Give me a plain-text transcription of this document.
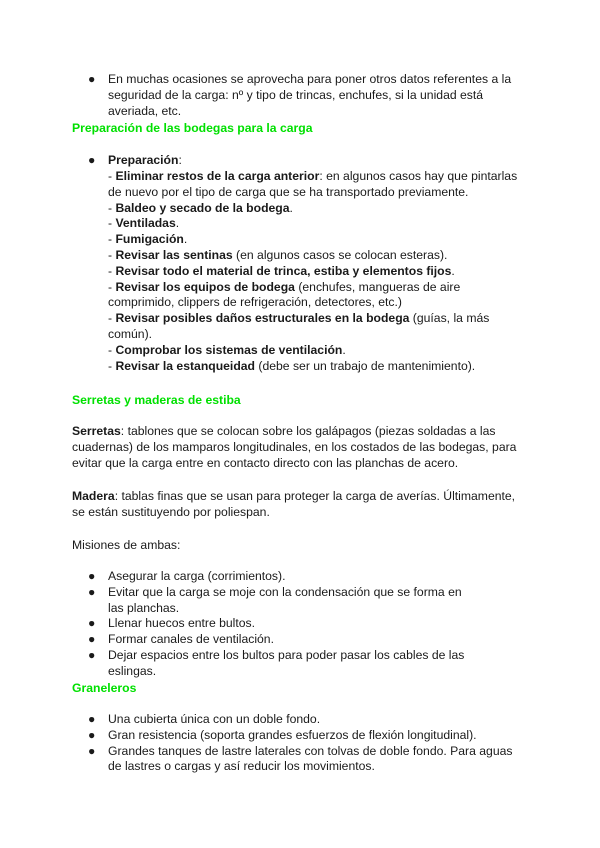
● En muchas ocasiones se aprovecha para poner otros datos referentes a la seguridad de la carga: nº y tipo de trincas, enchufes, si la unidad está averiada, etc.
Preparación de las bodegas para la carga
● Preparación:
- Eliminar restos de la carga anterior: en algunos casos hay que pintarlas de nuevo por el tipo de carga que se ha transportado previamente.
- Baldeo y secado de la bodega.
- Ventiladas.
- Fumigación.
- Revisar las sentinas (en algunos casos se colocan esteras).
- Revisar todo el material de trinca, estiba y elementos fijos.
- Revisar los equipos de bodega (enchufes, mangueras de aire comprimido, clippers de refrigeración, detectores, etc.)
- Revisar posibles daños estructurales en la bodega (guías, la más común).
- Comprobar los sistemas de ventilación.
- Revisar la estanqueidad (debe ser un trabajo de mantenimiento).
Serretas y maderas de estiba
Serretas: tablones que se colocan sobre los galápagos (piezas soldadas a las cuadernas) de los mamparos longitudinales, en los costados de las bodegas, para evitar que la carga entre en contacto directo con las planchas de acero.
Madera: tablas finas que se usan para proteger la carga de averías. Últimamente, se están sustituyendo por poliespan.
Misiones de ambas:
● Asegurar la carga (corrimientos).
● Evitar que la carga se moje con la condensación que se forma en las planchas.
● Llenar huecos entre bultos.
● Formar canales de ventilación.
● Dejar espacios entre los bultos para poder pasar los cables de las eslingas.
Graneleros
● Una cubierta única con un doble fondo.
● Gran resistencia (soporta grandes esfuerzos de flexión longitudinal).
● Grandes tanques de lastre laterales con tolvas de doble fondo. Para aguas de lastres o cargas y así reducir los movimientos.
